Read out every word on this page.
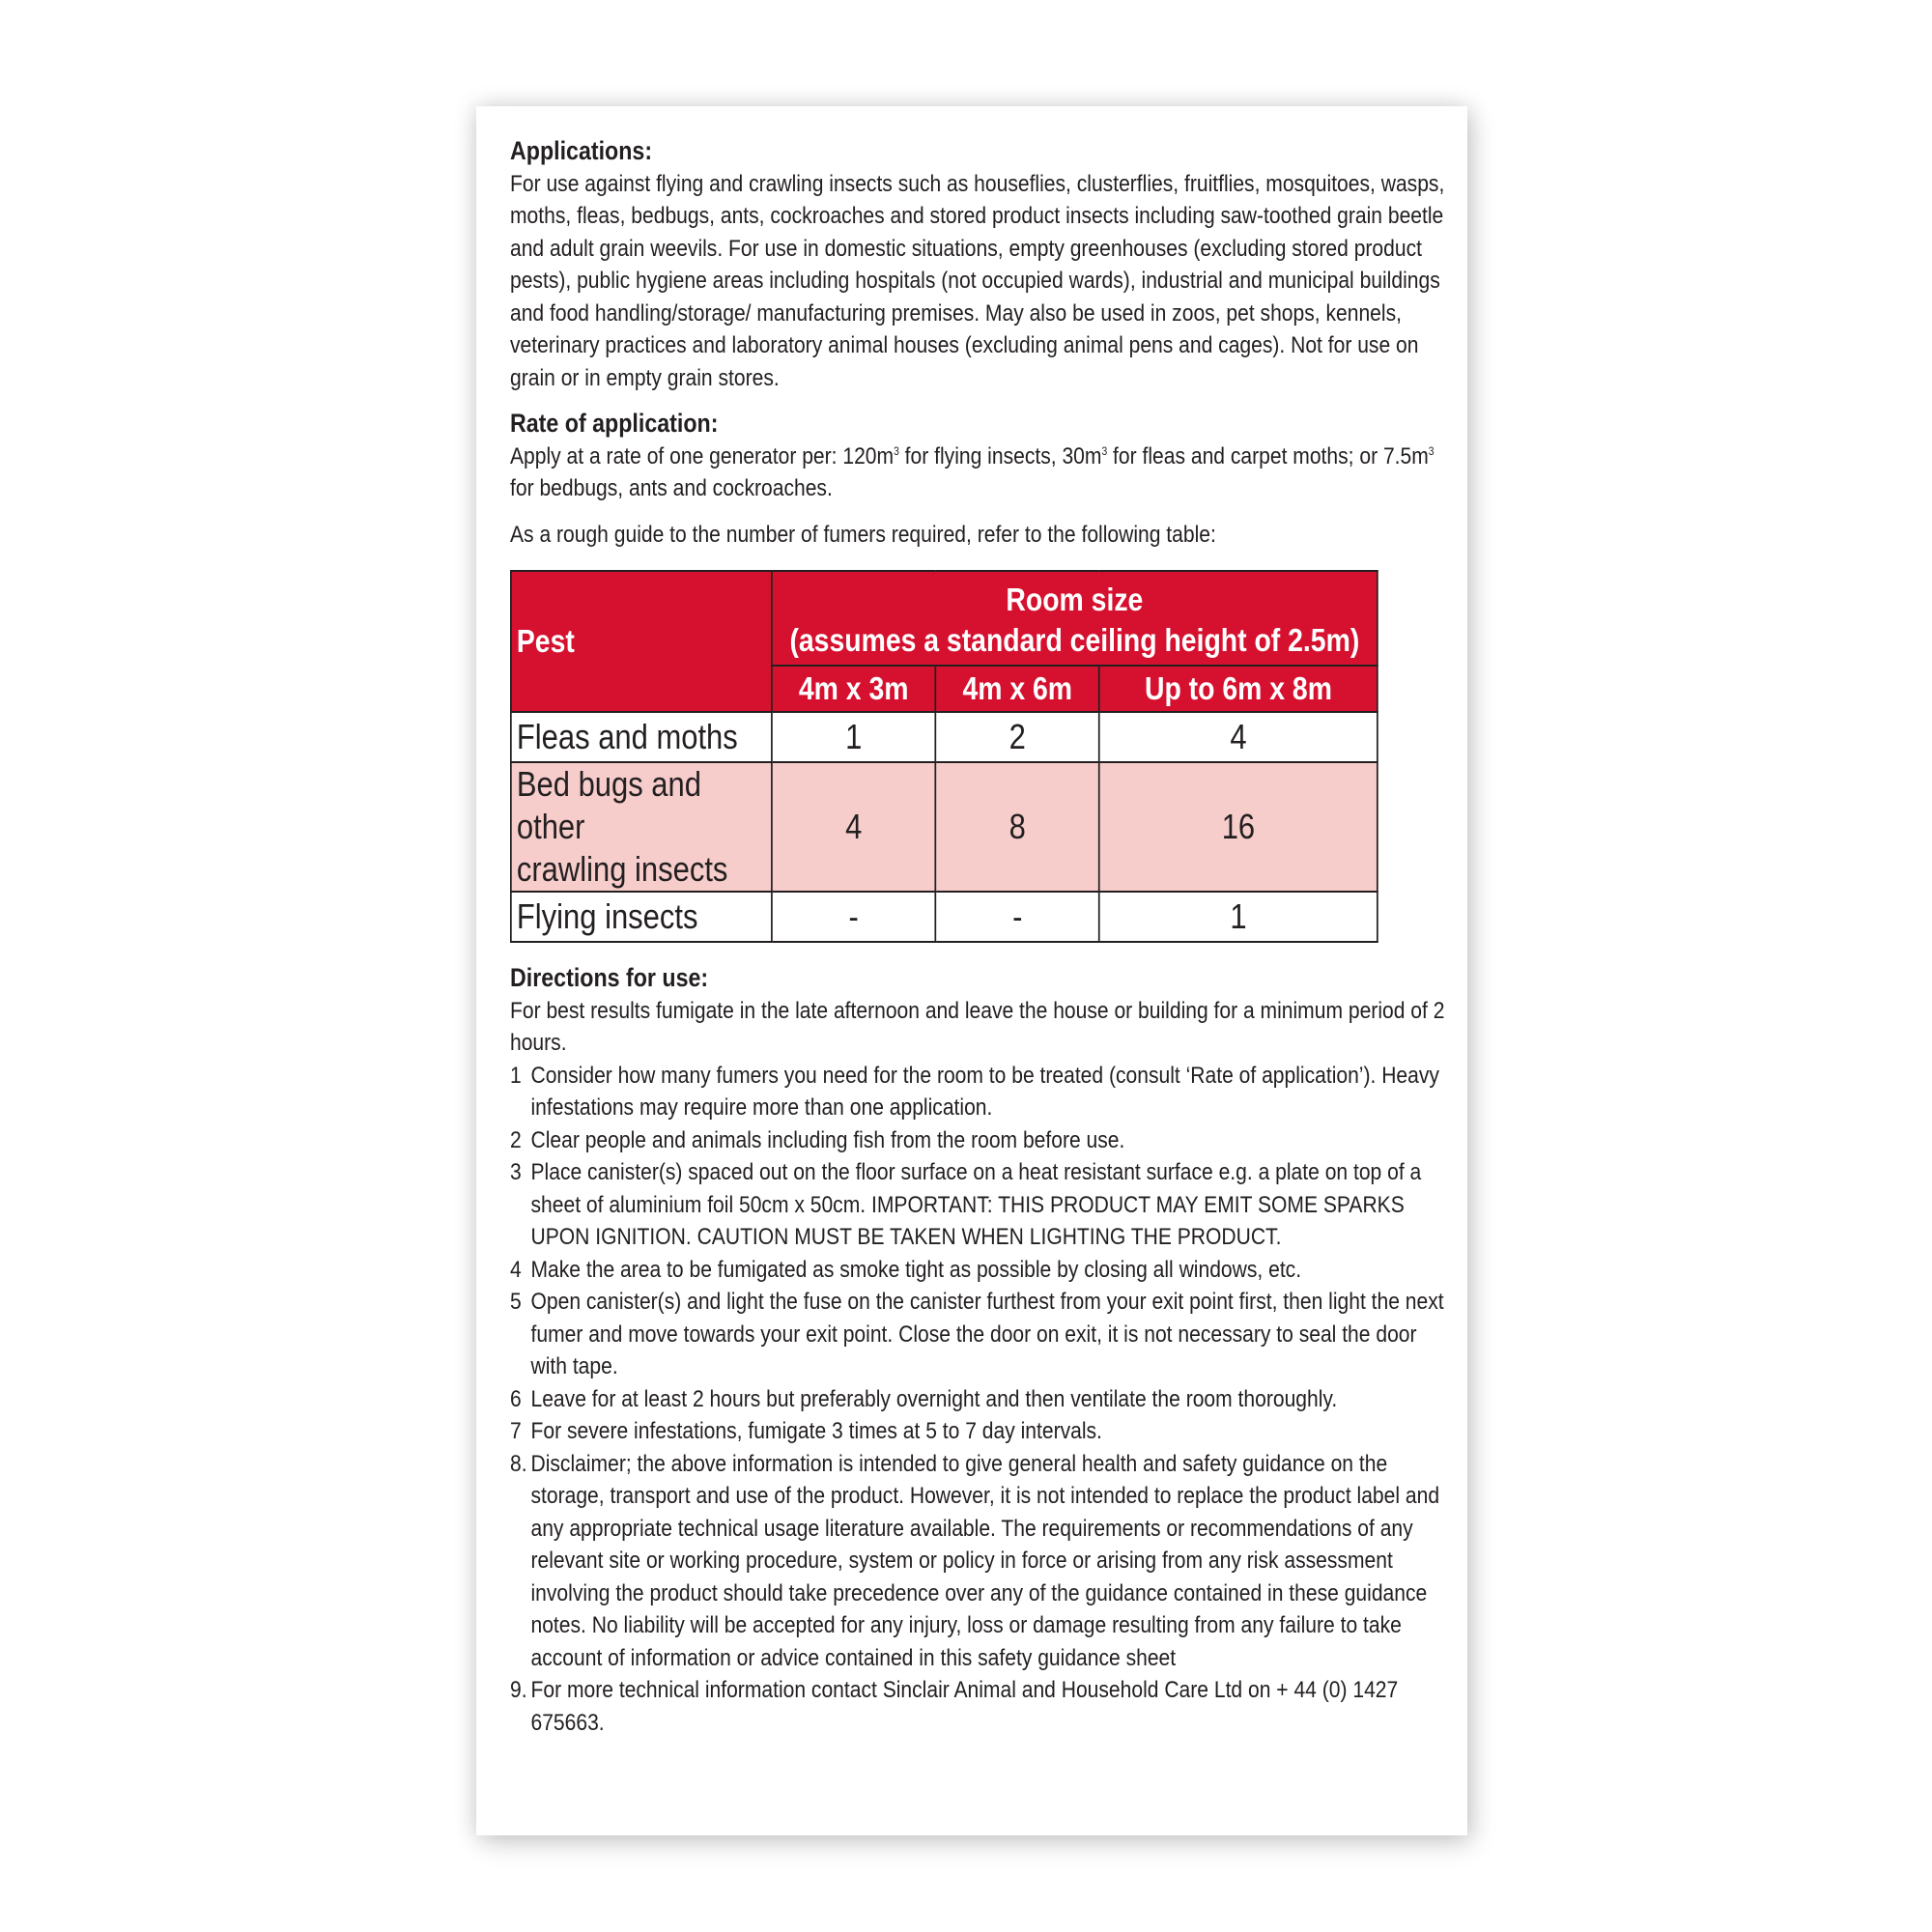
Applications:

For use against flying and crawling insects such as houseflies, clusterflies, fruitflies, mosquitoes, wasps, moths, fleas, bedbugs, ants, cockroaches and stored product insects including saw-toothed grain beetle and adult grain weevils. For use in domestic situations, empty greenhouses (excluding stored product pests), public hygiene areas including hospitals (not occupied wards), industrial and municipal buildings and food handling/storage/ manufacturing premises. May also be used in zoos, pet shops, kennels, veterinary practices and laboratory animal houses (excluding animal pens and cages). Not for use on grain or in empty grain stores.

Rate of application:

Apply at a rate of one generator per: $120m^3$ for flying insects, $30m^3$ for fleas and carpet moths; or $7.5m^3$ for bedbugs, ants and cockroaches.

As a rough guide to the number of fumers required, refer to the following table:

Pest	Room size
(assumes a standard ceiling height of 2.5m)		

	4m x 3m	4m x 6m	Up to 6m x 8m
Fleas and moths	1	2	4

Bed bugs and other
crawling insects	4	8	16
Flying insects	-	-	1
Directions for use:

For best results fumigate in the late afternoon and leave the house or building for a minimum period of 2 hours.

1 Consider how many fumers you need for the room to be treated (consult ‘Rate of application’). Heavy infestations may require more than one application.
2 Clear people and animals including fish from the room before use.
3 Place canister(s) spaced out on the floor surface on a heat resistant surface e.g. a plate on top of a sheet of aluminium foil 50cm x 50cm. IMPORTANT: THIS PRODUCT MAY EMIT SOME SPARKS UPON IGNITION. CAUTION MUST BE TAKEN WHEN LIGHTING THE PRODUCT.
4 Make the area to be fumigated as smoke tight as possible by closing all windows, etc.
5 Open canister(s) and light the fuse on the canister furthest from your exit point first, then light the next fumer and move towards your exit point. Close the door on exit, it is not necessary to seal the door with tape.
6 Leave for at least 2 hours but preferably overnight and then ventilate the room thoroughly.
7 For severe infestations, fumigate 3 times at 5 to 7 day intervals.
8. Disclaimer; the above information is intended to give general health and safety guidance on the storage, transport and use of the product. However, it is not intended to replace the product label and any appropriate technical usage literature available. The requirements or recommendations of any relevant site or working procedure, system or policy in force or arising from any risk assessment involving the product should take precedence over any of the guidance contained in these guidance notes. No liability will be accepted for any injury, loss or damage resulting from any failure to take account of information or advice contained in this safety guidance sheet
9. For more technical information contact Sinclair Animal and Household Care Ltd on + 44 (0) 1427 675663.
